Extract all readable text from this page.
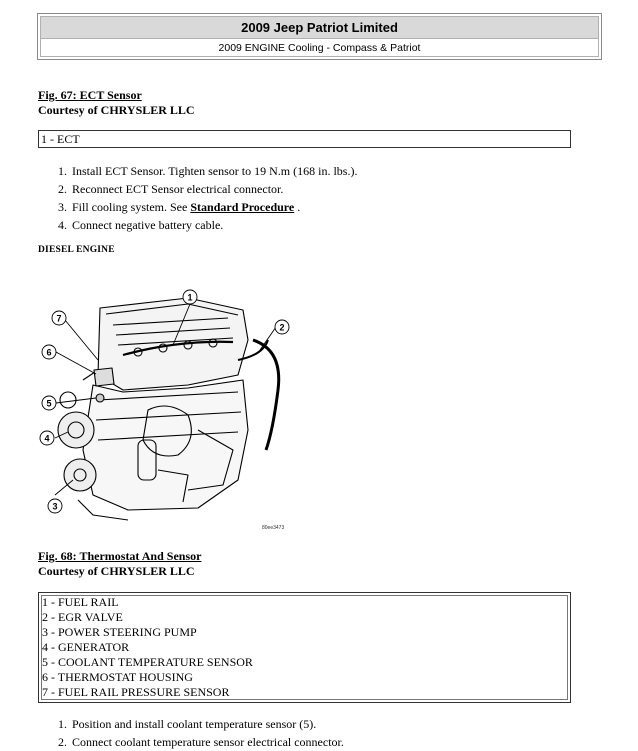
2009 Jeep Patriot Limited
2009 ENGINE Cooling - Compass & Patriot
Fig. 67: ECT Sensor
Courtesy of CHRYSLER LLC
1 - ECT
1. Install ECT Sensor. Tighten sensor to 19 N.m (168 in. lbs.).
2. Reconnect ECT Sensor electrical connector.
3. Fill cooling system. See Standard Procedure .
4. Connect negative battery cable.
DIESEL ENGINE
1
2
3
4
5
6
7
80ee3473
Fig. 68: Thermostat And Sensor
Courtesy of CHRYSLER LLC
1 - FUEL RAIL
2 - EGR VALVE
3 - POWER STEERING PUMP
4 - GENERATOR
5 - COOLANT TEMPERATURE SENSOR
6 - THERMOSTAT HOUSING
7 - FUEL RAIL PRESSURE SENSOR
1. Position and install coolant temperature sensor (5).
2. Connect coolant temperature sensor electrical connector.
